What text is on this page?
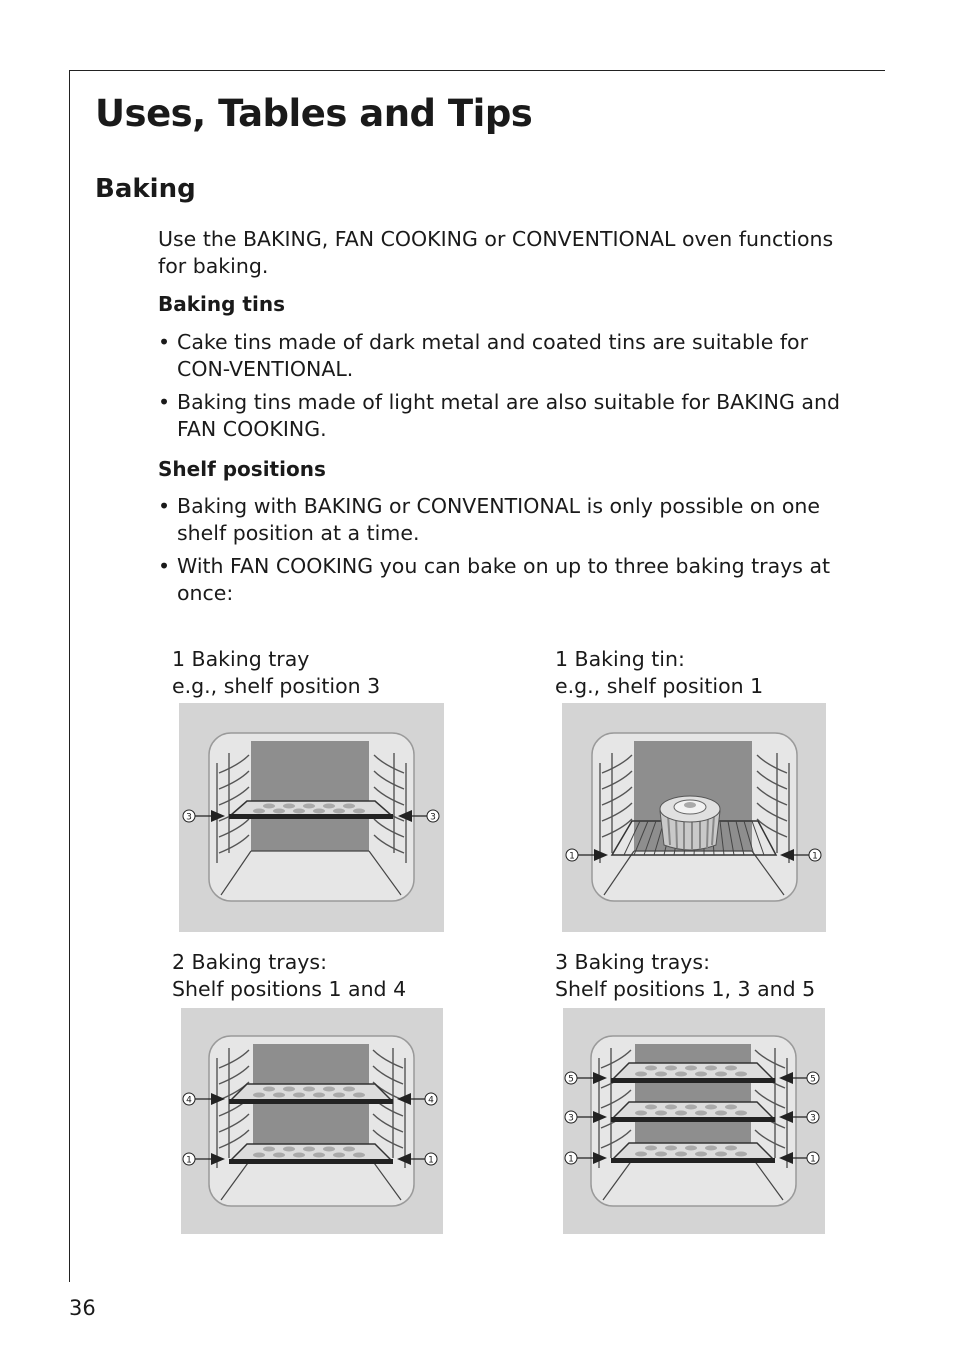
Uses, Tables and Tips
Baking
Use the BAKING, FAN COOKING or CONVENTIONAL oven functions for baking.
Baking tins
• Cake tins made of dark metal and coated tins are suitable for CON-VENTIONAL.
• Baking tins made of light metal are also suitable for BAKING and FAN COOKING.
Shelf positions
• Baking with BAKING or CONVENTIONAL is only possible on one shelf position at a time.
• With FAN COOKING you can bake on up to three baking trays at once:
1 Baking tray
e.g., shelf position 3
3	3
1 Baking tin:
e.g., shelf position 1
1	1
2 Baking trays:
Shelf positions 1 and 4
4	4
1	1
3 Baking trays:
Shelf positions 1, 3 and 5
5	5
3	3
1	1
36
